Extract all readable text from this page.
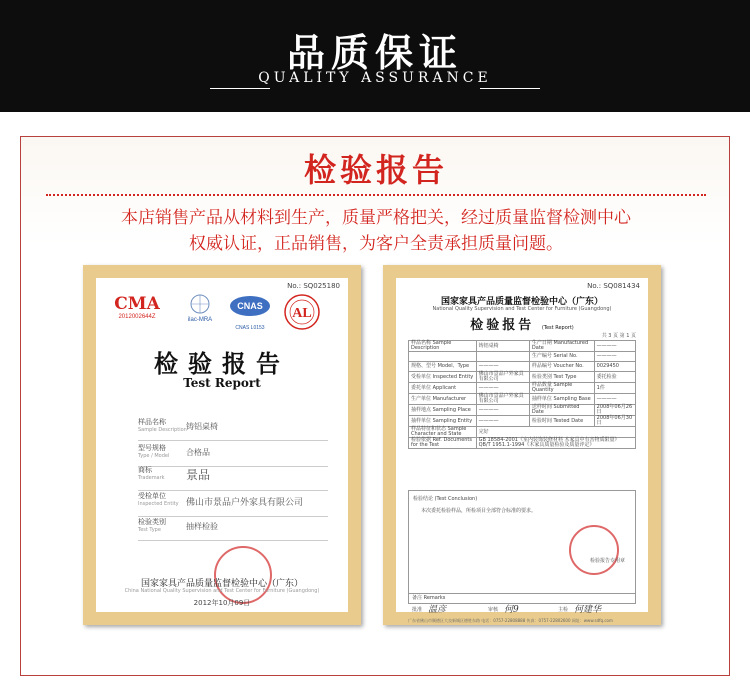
品质保证
QUALITY ASSURANCE
检验报告
本店销售产品从材料到生产，质量严格把关，经过质量监督检测中心
权威认证，正品销售，为客户全责承担质量问题。
No.: SQ025180
CMA
2012002644Z	ilac-MRA
CNAS
CNAS L0153
AL
检验报告
Test Report
样品名称
Sample Description 铸铝桌椅
型号规格
Type / Model 合格品
商标
Trademark 景品
受检单位
Inspected Entity 佛山市景品户外家具有限公司
检验类别
Test Type	抽样检验
国家家具产品质量监督检验中心（广东）
China National Quality Supervision and Test Center for Furniture (Guangdong)
2012年10月09日
No.: SQ081434
国家家具产品质量监督检验中心（广东）
National Quality Supervision and Test Center for Furniture (Guangdong)
检验报告 (Test Report)
共 3 页 第 1 页
样品名称 Sample Description	铸铝桌椅	生产日期 Manufactured Date	————
		生产编号 Serial No.	————
规格、型号 Model、Type	————	样品编号 Voucher No.	0029450
受检单位 Inspected Entity	佛山市景品户外家具有限公司	检验类别 Test Type	委托检验
委托单位 Applicant	————	样品数量 Sample Quantity	1件
生产单位 Manufacturer	佛山市景品户外家具有限公司	抽样单位 Sampling Base	————
抽样地点 Sampling Place	————	送样时间 Submitted Date	2008年06月26日
抽样单位 Sampling Entity	————	检验时间 Tested Date	2008年06月30日
样品特征和状态 Sample Character and State	完好		
检验依据 Ref. Documents for the Test	GB 18584-2001《室内装饰装修材料 木家具中有害物质限量》 QB/T 1951.1-1994《木家具质量检验及质量评定》		
检验结论 (Test Conclusion)
本次委托检验样品，所检项目全部符合标准的要求。
检验报告专用章
备注 Remarks
批准 温彦	审核 何9	主检 何建华
广东省佛山市顺德区大良新城区德胜东路 电话：0757-22808888 传真：0757-22802600 网址：www.sdfq.com
